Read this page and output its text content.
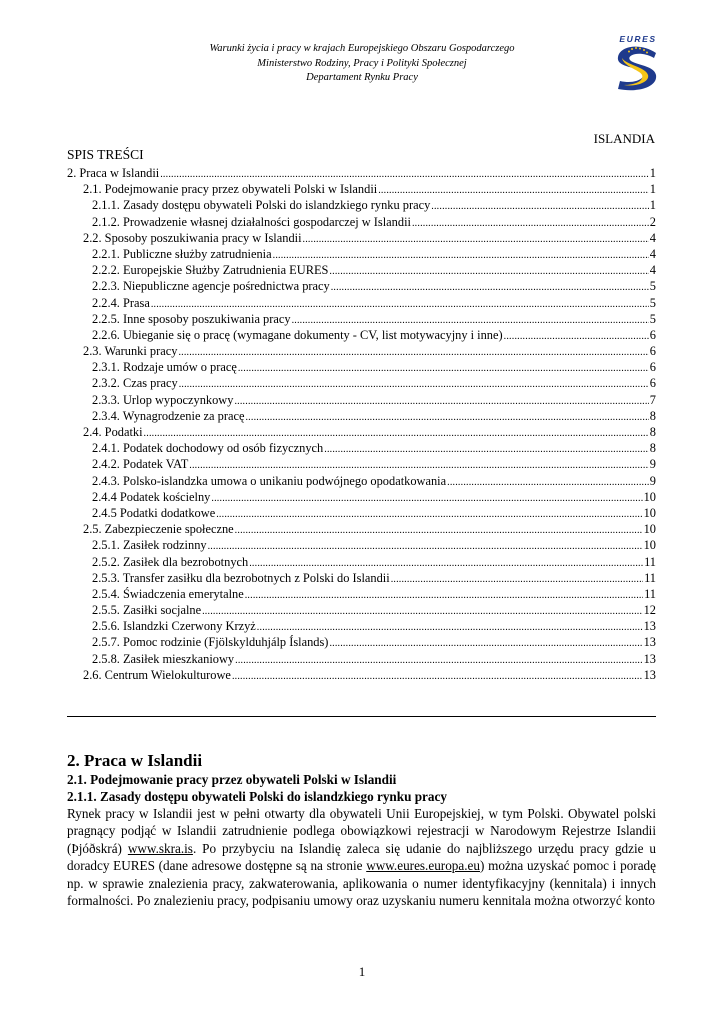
Warunki życia i pracy w krajach Europejskiego Obszaru Gospodarczego
Ministerstwo Rodziny, Pracy i Polityki Społecznej
Departament Rynku Pracy
EURES
ISLANDIA
SPIS TREŚCI
2. Praca w Islandii .....	1
2.1. Podejmowanie pracy przez obywateli Polski w Islandii .....	1
2.1.1. Zasady dostępu obywateli Polski do islandzkiego rynku pracy .....	1
2.1.2. Prowadzenie własnej działalności gospodarczej w Islandii .....	2
2.2. Sposoby poszukiwania pracy w Islandii .....	4
2.2.1. Publiczne służby zatrudnienia .....	4
2.2.2. Europejskie Służby Zatrudnienia EURES .....	4
2.2.3. Niepubliczne agencje pośrednictwa pracy .....	5
2.2.4. Prasa .....	5
2.2.5. Inne sposoby poszukiwania pracy .....	5
2.2.6. Ubieganie się o pracę (wymagane dokumenty - CV, list motywacyjny i inne) .....	6
2.3. Warunki pracy .....	6
2.3.1. Rodzaje umów o pracę .....	6
2.3.2. Czas pracy .....	6
2.3.3. Urlop wypoczynkowy .....	7
2.3.4. Wynagrodzenie za pracę .....	8
2.4. Podatki .....	8
2.4.1. Podatek dochodowy od osób fizycznych .....	8
2.4.2. Podatek VAT .....	9
2.4.3. Polsko-islandzka umowa o unikaniu podwójnego opodatkowania .....	9
2.4.4 Podatek kościelny .....	10
2.4.5 Podatki dodatkowe .....	10
2.5. Zabezpieczenie społeczne .....	10
2.5.1. Zasiłek rodzinny .....	10
2.5.2. Zasiłek dla bezrobotnych .....	11
2.5.3. Transfer zasiłku dla bezrobotnych z Polski do Islandii .....	11
2.5.4. Świadczenia emerytalne .....	11
2.5.5. Zasiłki socjalne .....	12
2.5.6. Islandzki Czerwony Krzyż .....	13
2.5.7. Pomoc rodzinie (Fjölskylduhjálp Íslands) .....	13
2.5.8. Zasiłek mieszkaniowy .....	13
2.6. Centrum Wielokulturowe .....	13
2. Praca w Islandii
2.1. Podejmowanie pracy przez obywateli Polski w Islandii
2.1.1. Zasady dostępu obywateli Polski do islandzkiego rynku pracy

Rynek pracy w Islandii jest w pełni otwarty dla obywateli Unii Europejskiej, w tym Polski. Obywatel polski pragnący podjąć w Islandii zatrudnienie podlega obowiązkowi rejestracji w Narodowym Rejestrze Islandii (Þjóðskrá) www.skra.is. Po przybyciu na Islandię zaleca się udanie do najbliższego urzędu pracy gdzie u doradcy EURES (dane adresowe dostępne są na stronie www.eures.europa.eu) można uzyskać pomoc i poradę np. w sprawie znalezienia pracy, zakwaterowania, aplikowania o numer identyfikacyjny (kennitala) i innych formalności. Po znalezieniu pracy, podpisaniu umowy oraz uzyskaniu numeru kennitala można otworzyć konto

1
